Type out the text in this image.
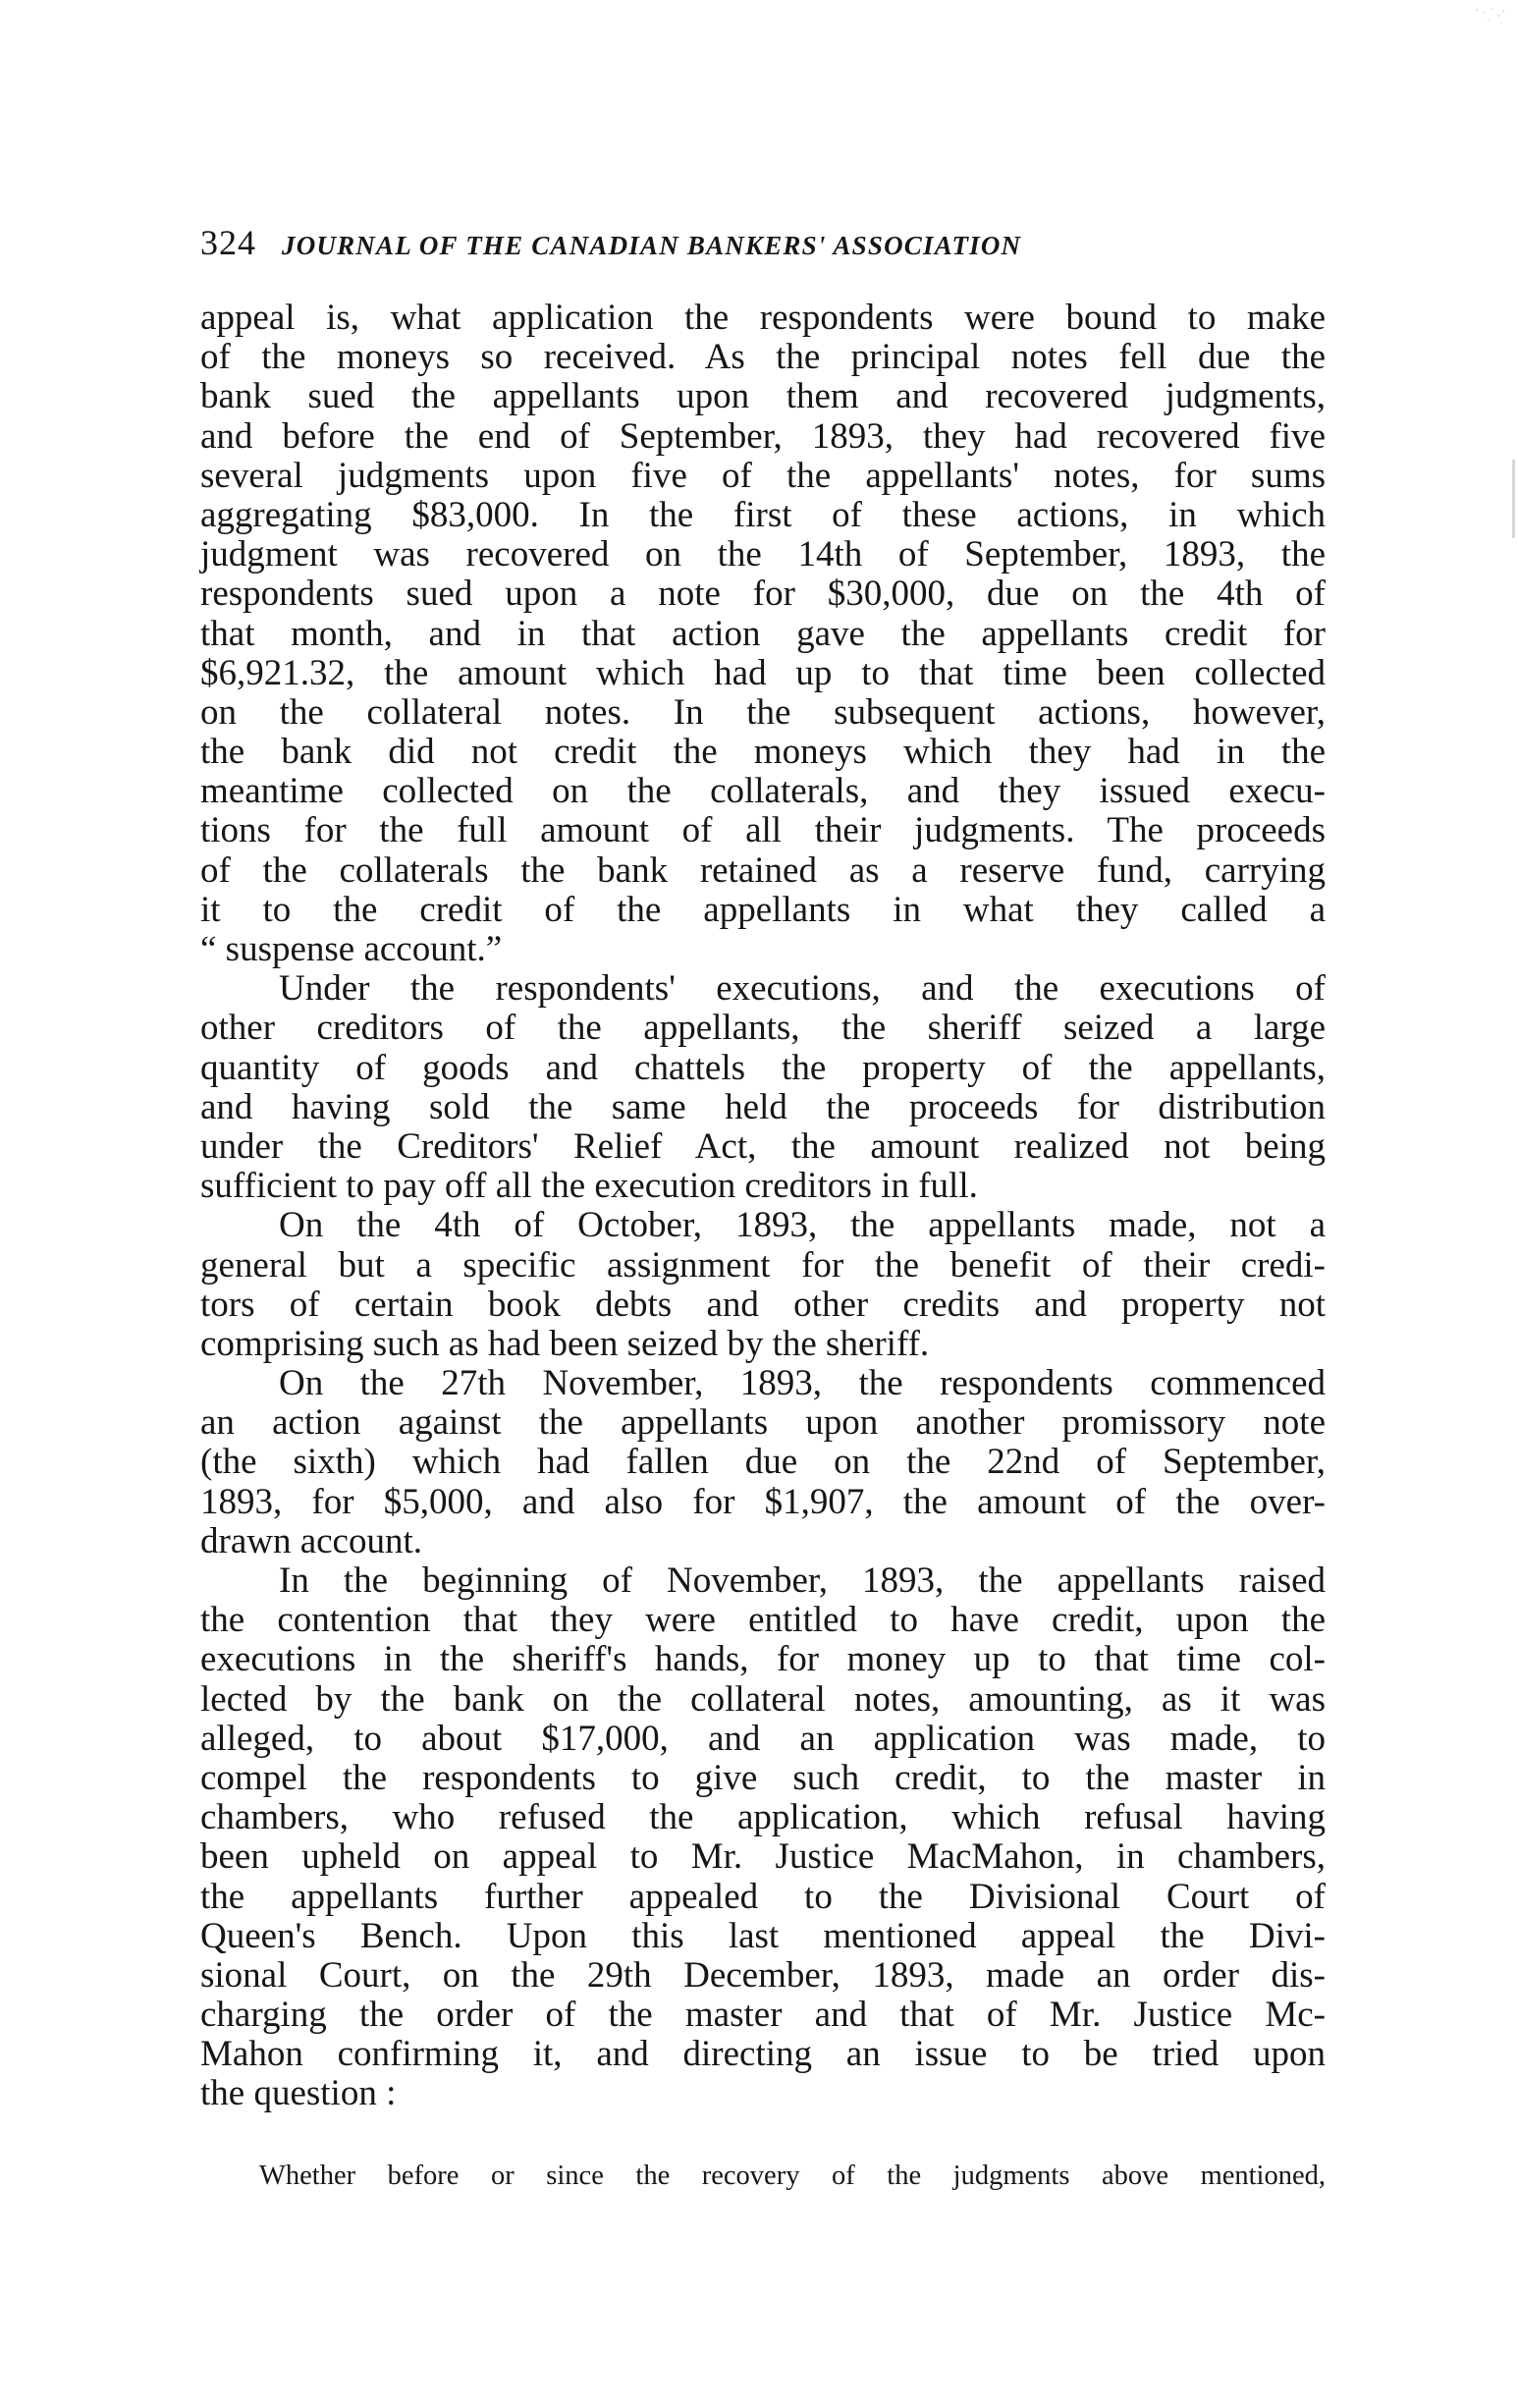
324 JOURNAL OF THE CANADIAN BANKERS' ASSOCIATION
appeal is, what application the respondents were bound to make
of the moneys so received. As the principal notes fell due the
bank sued the appellants upon them and recovered judgments,
and before the end of September, 1893, they had recovered five
several judgments upon five of the appellants' notes, for sums
aggregating $83,000. In the first of these actions, in which
judgment was recovered on the 14th of September, 1893, the
respondents sued upon a note for $30,000, due on the 4th of
that month, and in that action gave the appellants credit for
$6,921.32, the amount which had up to that time been collected
on the collateral notes. In the subsequent actions, however,
the bank did not credit the moneys which they had in the
meantime collected on the collaterals, and they issued execu-
tions for the full amount of all their judgments. The proceeds
of the collaterals the bank retained as a reserve fund, carrying
it to the credit of the appellants in what they called a
“ suspense account.”
Under the respondents' executions, and the executions of
other creditors of the appellants, the sheriff seized a large
quantity of goods and chattels the property of the appellants,
and having sold the same held the proceeds for distribution
under the Creditors' Relief Act, the amount realized not being
sufficient to pay off all the execution creditors in full.
On the 4th of October, 1893, the appellants made, not a
general but a specific assignment for the benefit of their credi-
tors of certain book debts and other credits and property not
comprising such as had been seized by the sheriff.
On the 27th November, 1893, the respondents commenced
an action against the appellants upon another promissory note
(the sixth) which had fallen due on the 22nd of September,
1893, for $5,000, and also for $1,907, the amount of the over-
drawn account.
In the beginning of November, 1893, the appellants raised
the contention that they were entitled to have credit, upon the
executions in the sheriff's hands, for money up to that time col-
lected by the bank on the collateral notes, amounting, as it was
alleged, to about $17,000, and an application was made, to
compel the respondents to give such credit, to the master in
chambers, who refused the application, which refusal having
been upheld on appeal to Mr. Justice MacMahon, in chambers,
the appellants further appealed to the Divisional Court of
Queen's Bench. Upon this last mentioned appeal the Divi-
sional Court, on the 29th December, 1893, made an order dis-
charging the order of the master and that of Mr. Justice Mc-
Mahon confirming it, and directing an issue to be tried upon
the question :
Whether before or since the recovery of the judgments above mentioned,
